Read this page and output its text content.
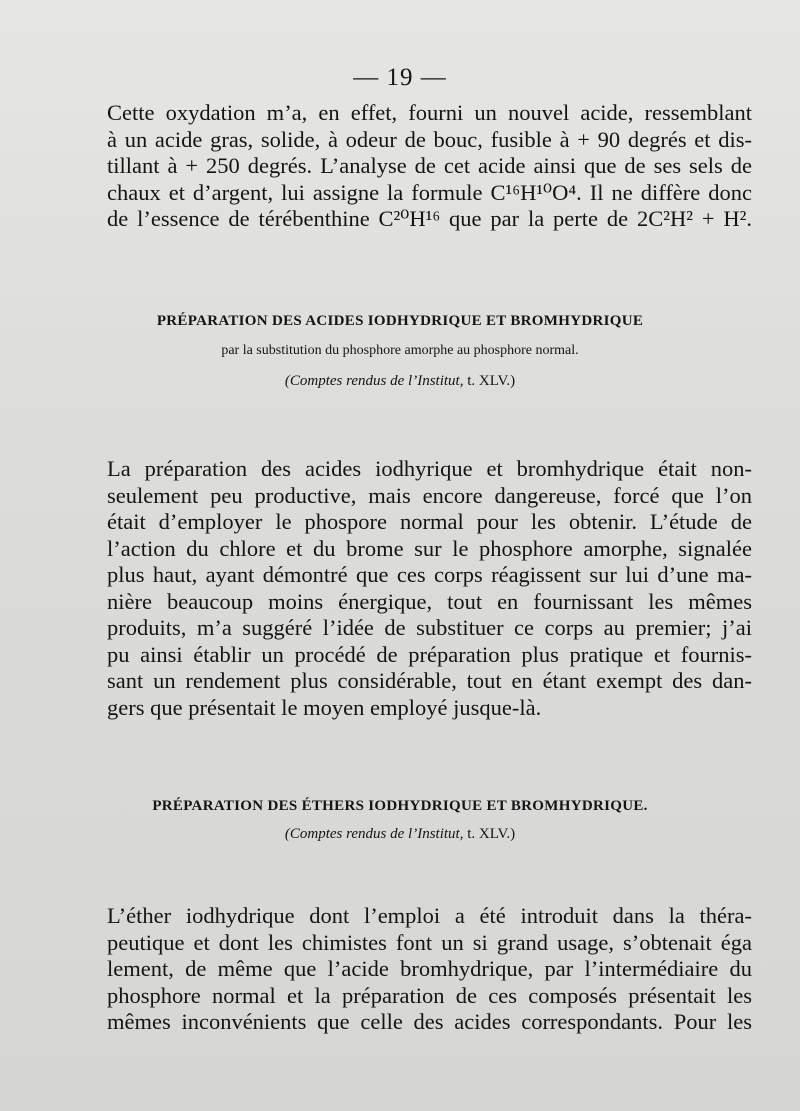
— 19 —
Cette oxydation m’a, en effet, fourni un nouvel acide, ressemblant
à un acide gras, solide, à odeur de bouc, fusible à + 90 degrés et dis-
tillant à + 250 degrés. L’analyse de cet acide ainsi que de ses sels de
chaux et d’argent, lui assigne la formule C¹⁶H¹⁰O⁴. Il ne diffère donc
de l’essence de térébenthine C²⁰H¹⁶ que par la perte de 2C²H² + H².
PRÉPARATION DES ACIDES IODHYDRIQUE ET BROMHYDRIQUE
par la substitution du phosphore amorphe au phosphore normal.
(Comptes rendus de l’Institut, t. XLV.)
La préparation des acides iodhyrique et bromhydrique était non-
seulement peu productive, mais encore dangereuse, forcé que l’on
était d’employer le phospore normal pour les obtenir. L’étude de
l’action du chlore et du brome sur le phosphore amorphe, signalée
plus haut, ayant démontré que ces corps réagissent sur lui d’une ma-
nière beaucoup moins énergique, tout en fournissant les mêmes
produits, m’a suggéré l’idée de substituer ce corps au premier; j’ai
pu ainsi établir un procédé de préparation plus pratique et fournis-
sant un rendement plus considérable, tout en étant exempt des dan-
gers que présentait le moyen employé jusque-là.
PRÉPARATION DES ÉTHERS IODHYDRIQUE ET BROMHYDRIQUE.
(Comptes rendus de l’Institut, t. XLV.)
L’éther iodhydrique dont l’emploi a été introduit dans la théra-
peutique et dont les chimistes font un si grand usage, s’obtenait éga
lement, de même que l’acide bromhydrique, par l’intermédiaire du
phosphore normal et la préparation de ces composés présentait les
mêmes inconvénients que celle des acides correspondants. Pour les
